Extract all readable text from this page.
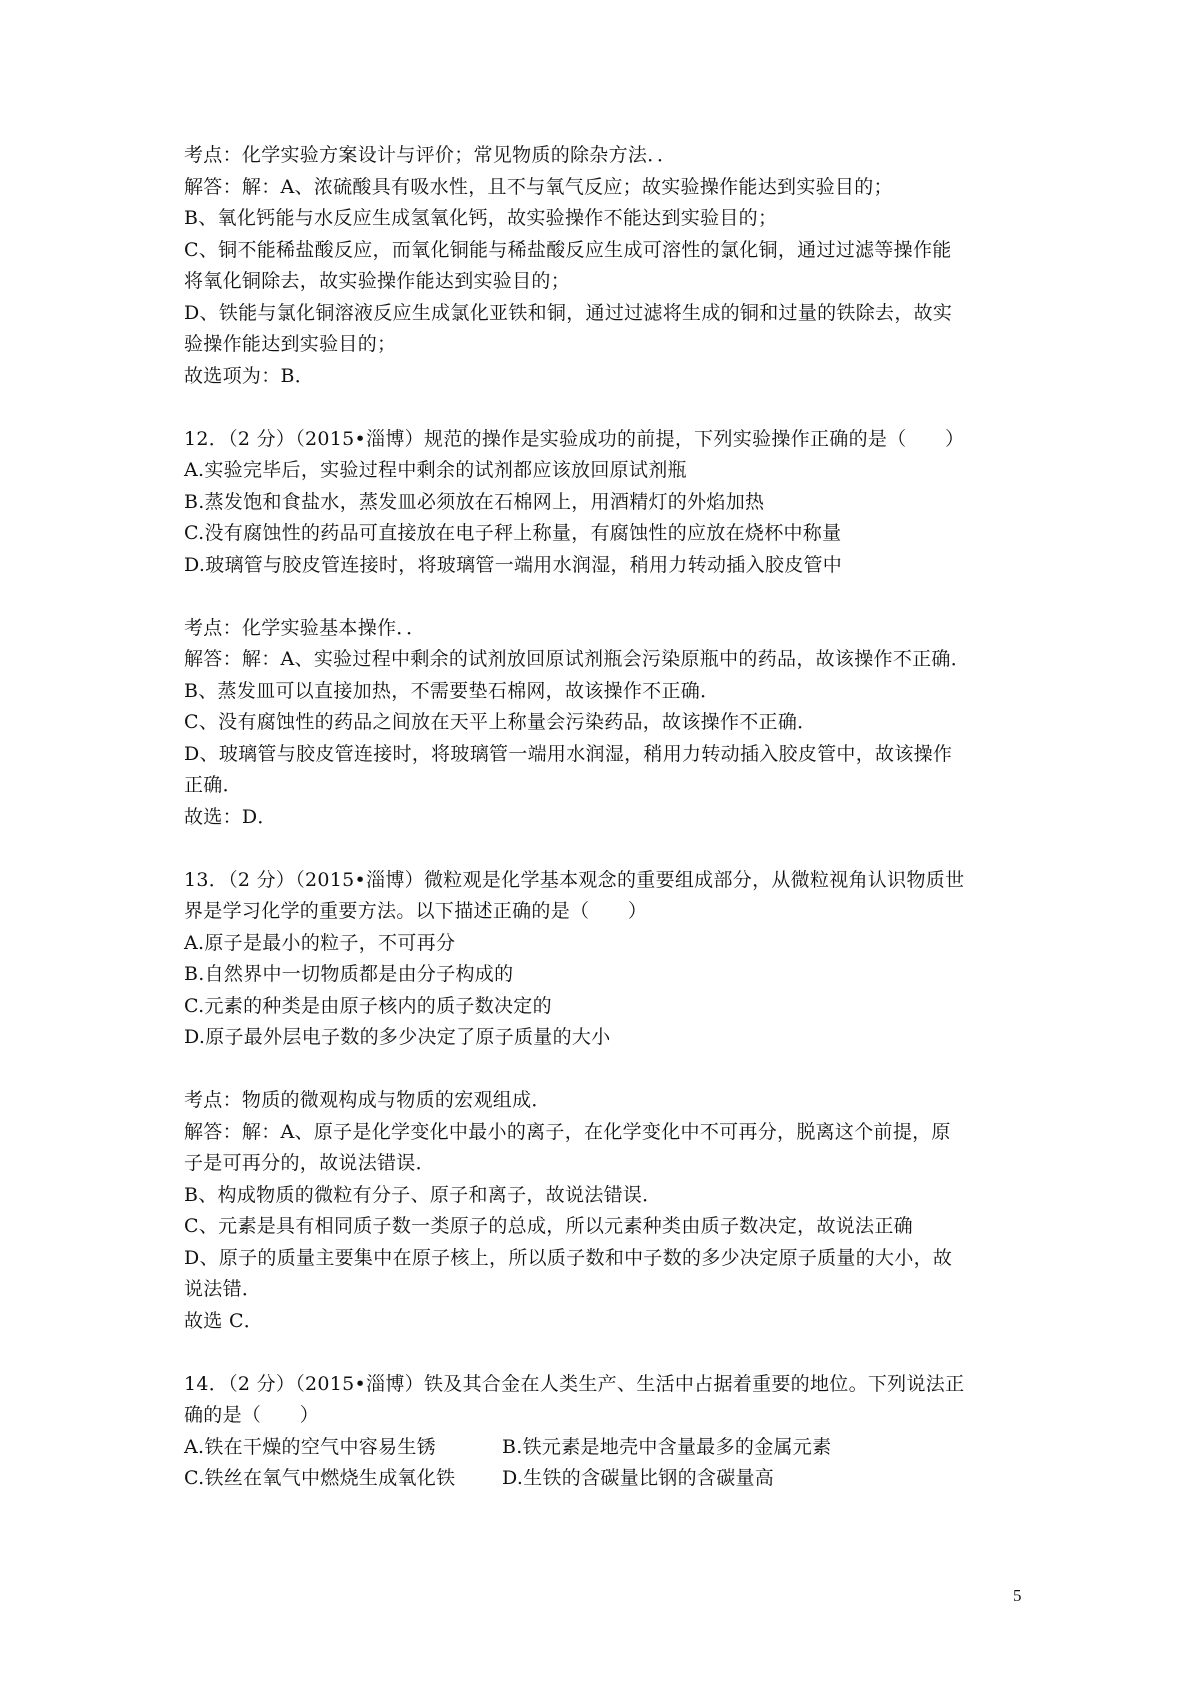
考点：化学实验方案设计与评价；常见物质的除杂方法．．
解答：解：A、浓硫酸具有吸水性，且不与氧气反应；故实验操作能达到实验目的；
B、氧化钙能与水反应生成氢氧化钙，故实验操作不能达到实验目的；
C、铜不能稀盐酸反应，而氧化铜能与稀盐酸反应生成可溶性的氯化铜，通过过滤等操作能
将氧化铜除去，故实验操作能达到实验目的；
D、铁能与氯化铜溶液反应生成氯化亚铁和铜，通过过滤将生成的铜和过量的铁除去，故实
验操作能达到实验目的；
故选项为：B．
12．（2 分）（2015•淄博）规范的操作是实验成功的前提，下列实验操作正确的是（　　）
A.实验完毕后，实验过程中剩余的试剂都应该放回原试剂瓶
B.蒸发饱和食盐水，蒸发皿必须放在石棉网上，用酒精灯的外焰加热
C.没有腐蚀性的药品可直接放在电子秤上称量，有腐蚀性的应放在烧杯中称量
D.玻璃管与胶皮管连接时，将玻璃管一端用水润湿，稍用力转动插入胶皮管中
考点：化学实验基本操作．．
解答：解：A、实验过程中剩余的试剂放回原试剂瓶会污染原瓶中的药品，故该操作不正确．
B、蒸发皿可以直接加热，不需要垫石棉网，故该操作不正确．
C、没有腐蚀性的药品之间放在天平上称量会污染药品，故该操作不正确．
D、玻璃管与胶皮管连接时，将玻璃管一端用水润湿，稍用力转动插入胶皮管中，故该操作
正确．
故选：D．
13．（2 分）（2015•淄博）微粒观是化学基本观念的重要组成部分，从微粒视角认识物质世
界是学习化学的重要方法。以下描述正确的是（　　）
A.原子是最小的粒子，不可再分
B.自然界中一切物质都是由分子构成的
C.元素的种类是由原子核内的质子数决定的
D.原子最外层电子数的多少决定了原子质量的大小
考点：物质的微观构成与物质的宏观组成．
解答：解：A、原子是化学变化中最小的离子，在化学变化中不可再分，脱离这个前提，原
子是可再分的，故说法错误．
B、构成物质的微粒有分子、原子和离子，故说法错误．
C、元素是具有相同质子数一类原子的总成，所以元素种类由质子数决定，故说法正确
D、原子的质量主要集中在原子核上，所以质子数和中子数的多少决定原子质量的大小，故
说法错．
故选 C．
14．（2 分）（2015•淄博）铁及其合金在人类生产、生活中占据着重要的地位。下列说法正
确的是（　　）
A.铁在干燥的空气中容易生锈	B.铁元素是地壳中含量最多的金属元素
C.铁丝在氧气中燃烧生成氧化铁	D.生铁的含碳量比钢的含碳量高
5
